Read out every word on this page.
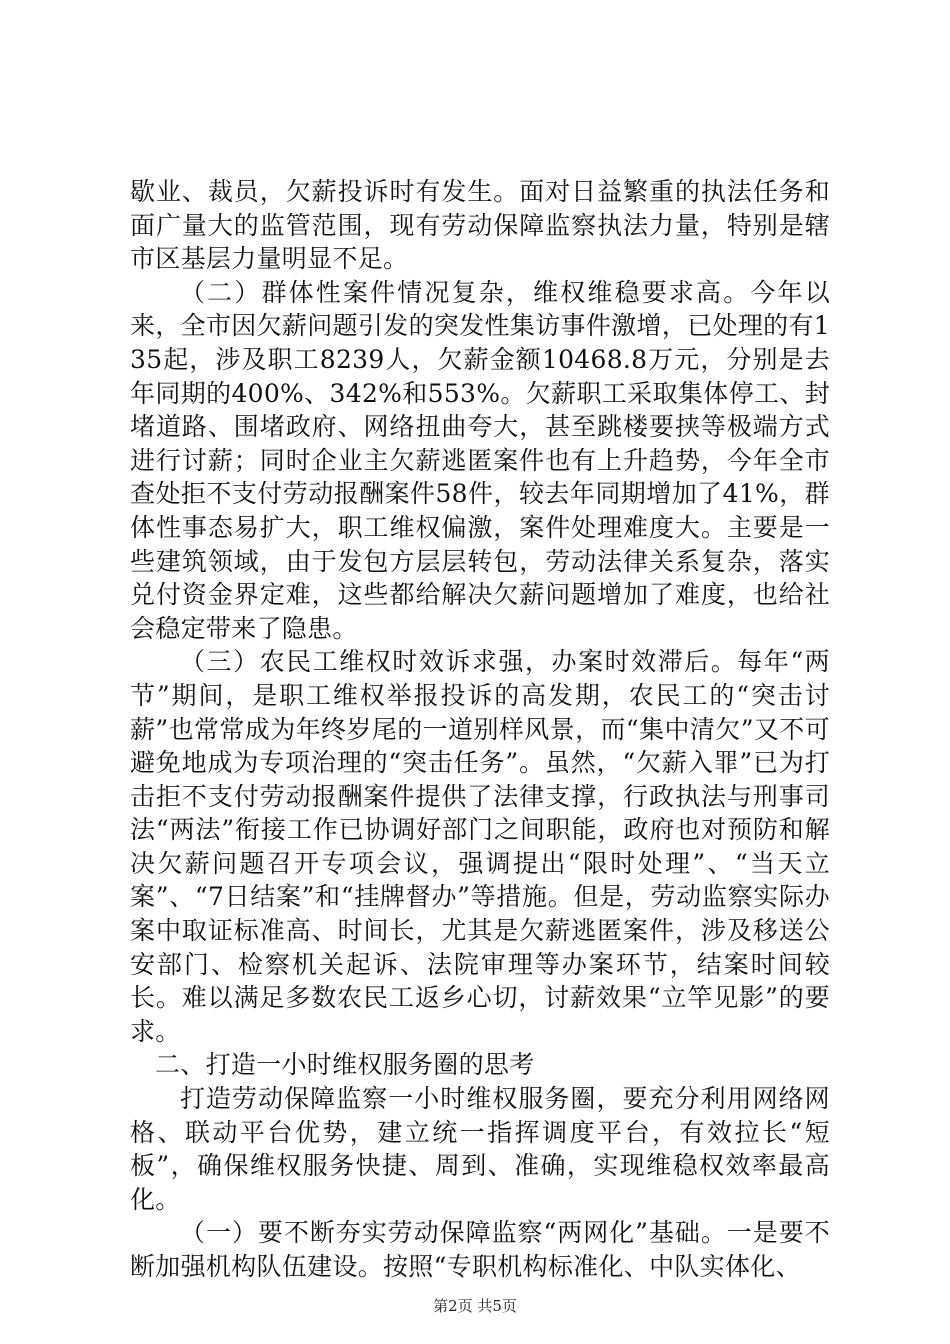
歇业、裁员，欠薪投诉时有发生。面对日益繁重的执法任务和面广量大的监管范围，现有劳动保障监察执法力量，特别是辖市区基层力量明显不足。

（二）群体性案件情况复杂，维权维稳要求高。今年以来，全市因欠薪问题引发的突发性集访事件激增，已处理的有135起，涉及职工8239人，欠薪金额10468.8万元，分别是去年同期的400%、342%和553%。欠薪职工采取集体停工、封堵道路、围堵政府、网络扭曲夸大，甚至跳楼要挟等极端方式进行讨薪；同时企业主欠薪逃匿案件也有上升趋势，今年全市查处拒不支付劳动报酬案件58件，较去年同期增加了41%，群体性事态易扩大，职工维权偏激，案件处理难度大。主要是一些建筑领域，由于发包方层层转包，劳动法律关系复杂，落实兑付资金界定难，这些都给解决欠薪问题增加了难度，也给社会稳定带来了隐患。

（三）农民工维权时效诉求强，办案时效滞后。每年“两节”期间，是职工维权举报投诉的高发期，农民工的“突击讨薪”也常常成为年终岁尾的一道别样风景，而“集中清欠”又不可避免地成为专项治理的“突击任务”。虽然，“欠薪入罪”已为打击拒不支付劳动报酬案件提供了法律支撑，行政执法与刑事司法“两法”衔接工作已协调好部门之间职能，政府也对预防和解决欠薪问题召开专项会议，强调提出“限时处理”、“当天立案”、“7日结案”和“挂牌督办”等措施。但是，劳动监察实际办案中取证标准高、时间长，尤其是欠薪逃匿案件，涉及移送公安部门、检察机关起诉、法院审理等办案环节，结案时间较长。难以满足多数农民工返乡心切，讨薪效果“立竿见影”的要求。

二、打造一小时维权服务圈的思考

打造劳动保障监察一小时维权服务圈，要充分利用网络网格、联动平台优势，建立统一指挥调度平台，有效拉长“短板”，确保维权服务快捷、周到、准确，实现维稳权效率最高化。

（一）要不断夯实劳动保障监察“两网化”基础。一是要不断加强机构队伍建设。按照“专职机构标准化、中队实体化、

第2页 共5页
